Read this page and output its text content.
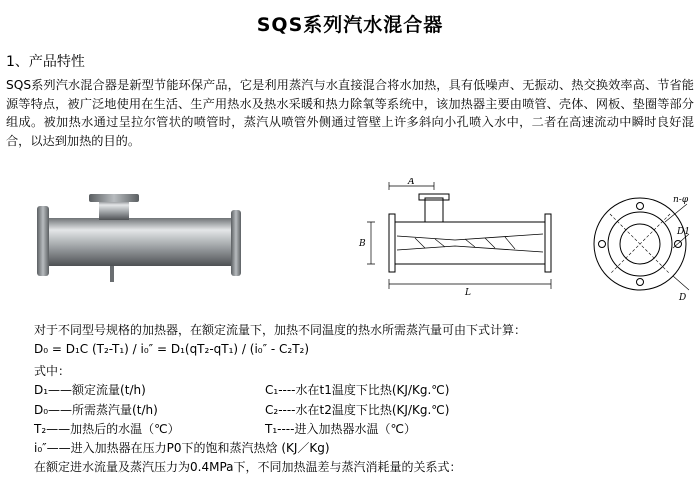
SQS系列汽水混合器
1、产品特性
SQS系列汽水混合器是新型节能环保产品，它是利用蒸汽与水直接混合将水加热，具有低噪声、无振动、热交换效率高、节省能源等特点，被广泛地使用在生活、生产用热水及热水采暖和热力除氧等系统中，该加热器主要由喷管、壳体、网板、垫圈等部分组成。被加热水通过呈拉尔管状的喷管时，蒸汽从喷管外侧通过管壁上许多斜向小孔喷入水中，二者在高速流动中瞬时良好混合，以达到加热的目的。
A
B
L
n-φ
D1
D
对于不同型号规格的加热器，在额定流量下，加热不同温度的热水所需蒸汽量可由下式计算：
D₀ = D₁C (T₂-T₁) / i₀″ = D₁(qT₂-qT₁) / (i₀″ - C₂T₂)
式中：
D₁——额定流量(t/h)
D₀——所需蒸汽量(t/h)
T₂——加热后的水温（℃）
C₁----水在t1温度下比热(KJ/Kg.℃)
C₂----水在t2温度下比热(KJ/Kg.℃)
T₁----进入加热器水温（℃）
i₀″——进入加热器在压力P0下的饱和蒸汽热焓 (KJ／Kg)
在额定进水流量及蒸汽压力为0.4MPa下，不同加热温差与蒸汽消耗量的关系式：
